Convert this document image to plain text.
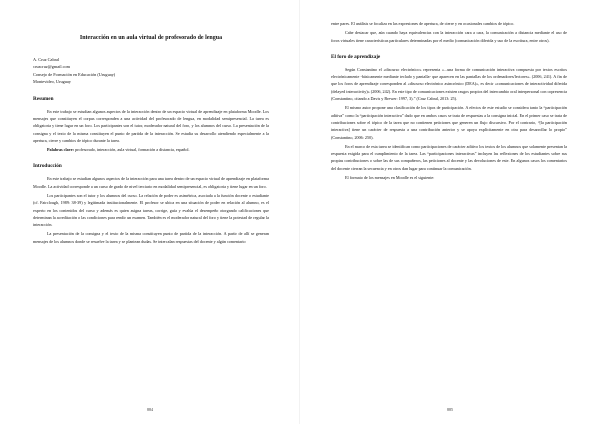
Interacción en un aula virtual de profesorado de lengua
A. Cruz Cabral
cruzcruz@gmail.com
Consejo de Formación en Educación (Uruguay)
Montevideo, Uruguay
Resumen

En este trabajo se estudian algunos aspectos de la interacción dentro de un espacio virtual de aprendizaje en plataforma Moodle. Los mensajes que constituyen el corpus corresponden a una actividad del profesorado de lengua, en modalidad semipresencial. La tarea es obligatoria y tiene lugar en un foro. Los participantes son el tutor, moderador natural del foro, y los alumnos del curso. La presentación de la consigna y el texto de la misma constituyen el punto de partida de la interacción. Se estudia su desarrollo atendiendo especialmente a la apertura, cierre y cambios de tópico durante la tarea.

Palabras clave: profesorado, interacción, aula virtual, formación a distancia, español.

Introducción

En este trabajo se estudian algunos aspectos de la interacción para una tarea dentro de un espacio virtual de aprendizaje en plataforma Moodle. La actividad corresponde a un curso de grado de nivel terciario en modalidad semipresencial, es obligatoria y tiene lugar en un foro.

Los participantes son el tutor y los alumnos del curso. La relación de poder es asimétrica, asociada a la función docente o estudiante (cf. Fairclough, 1989: 38-39) y legitimada institucionalmente. El profesor se ubica en una situación de poder en relación al alumno, es el experto en los contenidos del curso y además es quien asigna tareas, corrige, guía y evalúa el desempeño otorgando calificaciones que determinan la acreditación o las condiciones para rendir un examen. También es el moderador natural del foro y tiene la potestad de regular la interacción.

La presentación de la consigna y el texto de la misma constituyen punto de partida de la interacción. A partir de allí se generan mensajes de los alumnos donde se resuelve la tarea y se plantean dudas. Se intercalan respuestas del docente y algún comentario

884

entre pares. El análisis se focaliza en las expresiones de apertura, de cierre y en ocasionales cambios de tópico.

Cabe destacar que, aún cuando haya equivalencias con la interacción cara a cara, la comunicación a distancia mediante el uso de foros virtuales tiene características particulares determinadas por el medio (comunicación diferida y uso de la escritura, entre otros).

El foro de aprendizaje

Según Constantino el «discurso electrónico» representa «...una forma de comunicación interactiva compuesta por textos escritos electrónicamente -básicamente mediante teclado y pantalla- que aparecen en las pantallas de los ordenadores/lectores». (2006, 241). A fin de que los foros de aprendizaje corresponden al «discurso electrónico asincrónico (DEA)», es decir «comunicaciones de interactividad diferida (delayed interactivity)» (2006, 242). En este tipo de comunicaciones existen rasgos propios del intercambio oral interpersonal con copresencia (Constantino, citando a Davis y Brewer: 1997, 3).” (Cruz Cabral, 2013: 25).

El mismo autor propone una clasificación de los tipos de participación. A efectos de este estudio se considera tanto la “participación aditiva” como la “participación interactiva” dado que en ambos casos se trata de respuestas a la consigna inicial. En el primer caso se trata de contribuciones sobre el tópico de la tarea que no contienen peticiones que generen un flujo discursivo. Por el contrario, “[la participación interactiva] tiene un carácter de respuesta a una contribución anterior y se apoya explícitamente en otra para desarrollar lo propio” (Constantino, 2006: 250).

En el marco de esta tarea se identifican como participaciones de carácter aditivo los textos de los alumnos que solamente presentan la respuesta exigida para el cumplimiento de la tarea. Las “participaciones interactivas” incluyen las reflexiones de los estudiantes sobre sus propias contribuciones o sobre las de sus compañeros, las peticiones al docente y las devoluciones de este. En algunos casos los comentarios del docente cierran la secuencia y en otros dan lugar para continuar la comunicación.

El formato de los mensajes en Moodle es el siguiente:

885
